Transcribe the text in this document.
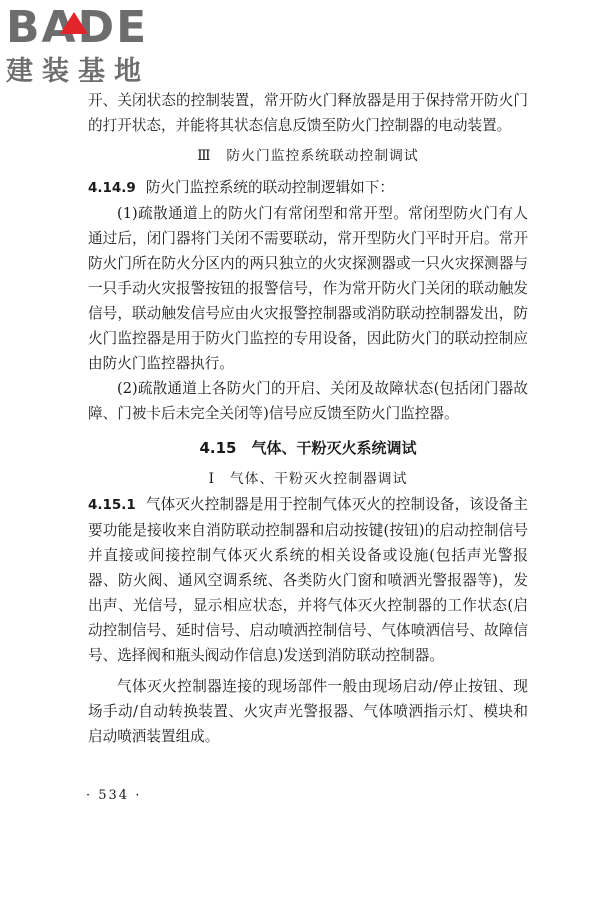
BADE
建装基地

开、关闭状态的控制装置，常开防火门释放器是用于保持常开防火门的打开状态，并能将其状态信息反馈至防火门控制器的电动装置。

Ⅲ　防火门监控系统联动控制调试

4.14.9 防火门监控系统的联动控制逻辑如下：

(1)疏散通道上的防火门有常闭型和常开型。常闭型防火门有人通过后，闭门器将门关闭不需要联动，常开型防火门平时开启。常开防火门所在防火分区内的两只独立的火灾探测器或一只火灾探测器与一只手动火灾报警按钮的报警信号，作为常开防火门关闭的联动触发信号，联动触发信号应由火灾报警控制器或消防联动控制器发出，防火门监控器是用于防火门监控的专用设备，因此防火门的联动控制应由防火门监控器执行。

(2)疏散通道上各防火门的开启、关闭及故障状态(包括闭门器故障、门被卡后未完全关闭等)信号应反馈至防火门监控器。

4.15　气体、干粉灭火系统调试

Ⅰ　气体、干粉灭火控制器调试

4.15.1 气体灭火控制器是用于控制气体灭火的控制设备，该设备主要功能是接收来自消防联动控制器和启动按键(按钮)的启动控制信号并直接或间接控制气体灭火系统的相关设备或设施(包括声光警报器、防火阀、通风空调系统、各类防火门窗和喷洒光警报器等)，发出声、光信号，显示相应状态，并将气体灭火控制器的工作状态(启动控制信号、延时信号、启动喷洒控制信号、气体喷洒信号、故障信号、选择阀和瓶头阀动作信息)发送到消防联动控制器。

气体灭火控制器连接的现场部件一般由现场启动/停止按钮、现场手动/自动转换装置、火灾声光警报器、气体喷洒指示灯、模块和启动喷洒装置组成。

· 534 ·
